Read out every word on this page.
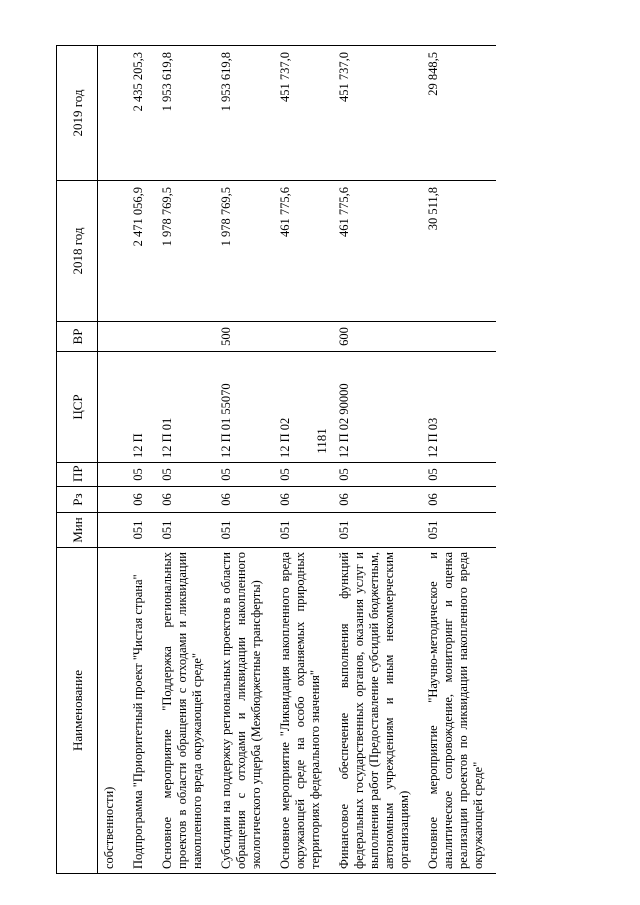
1181
Наименование	Мин	Рз	ПР	ЦСР	ВР	2018 год	2019 год
собственности)							
Подпрограмма "Приоритетный проект "Чистая страна"	051	06	05	12 П		2 471 056,9	2 435 205,3
Основное мероприятие "Поддержка региональных проектов в области обращения с отходами и ликвидации накопленного вреда окружающей среде"	051	06	05	12 П 01		1 978 769,5	1 953 619,8
Субсидии на поддержку региональных проектов в области обращения с отходами и ликвидации накопленного экологического ущерба (Межбюджетные трансферты)	051	06	05	12 П 01 55070	500	1 978 769,5	1 953 619,8
Основное мероприятие "Ликвидация накопленного вреда окружающей среде на особо охраняемых природных территориях федерального значения"	051	06	05	12 П 02		461 775,6	451 737,0
Финансовое обеспечение выполнения функций федеральных государственных органов, оказания услуг и выполнения работ (Предоставление субсидий бюджетным, автономным учреждениям и иным некоммерческим организациям)	051	06	05	12 П 02 90000	600	461 775,6	451 737,0
Основное мероприятие "Научно-методическое и аналитическое сопровождение, мониторинг и оценка реализации проектов по ликвидации накопленного вреда окружающей среде"	051	06	05	12 П 03		30 511,8	29 848,5
